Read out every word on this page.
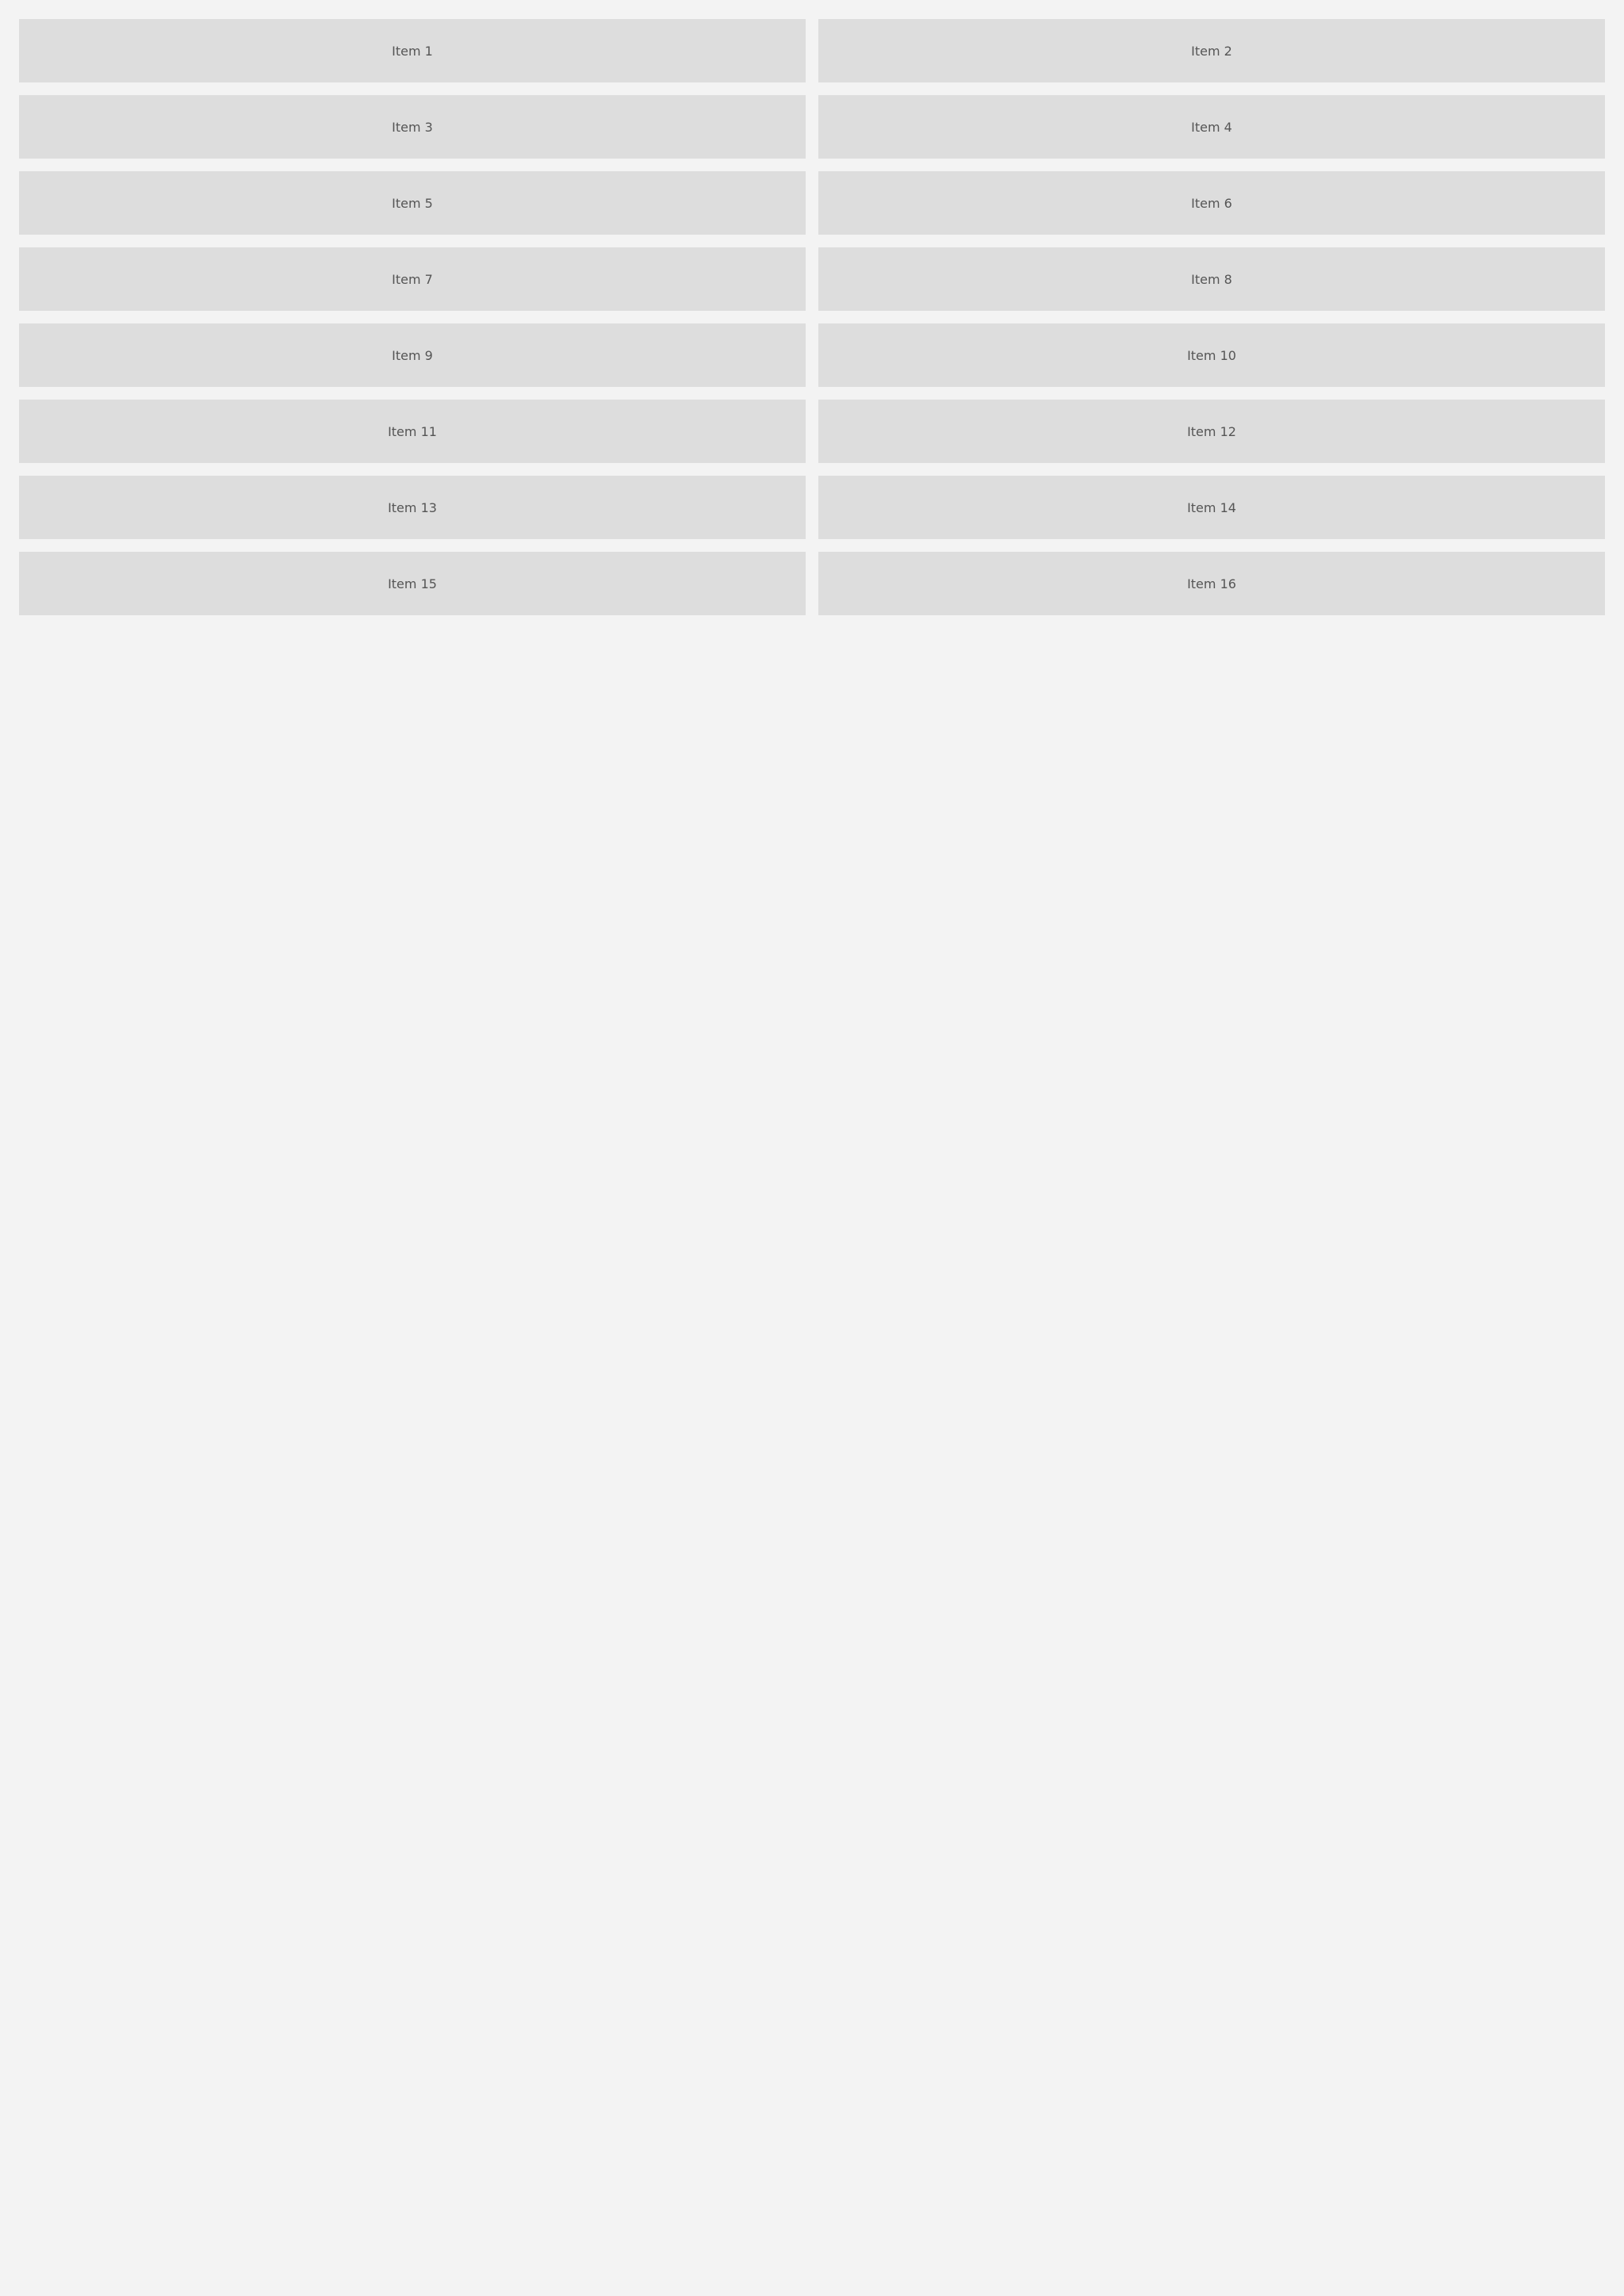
Item 1	Item 2
Item 3	Item 4
Item 5	Item 6
Item 7	Item 8
Item 9	Item 10
Item 11	Item 12
Item 13	Item 14
Item 15	Item 16
